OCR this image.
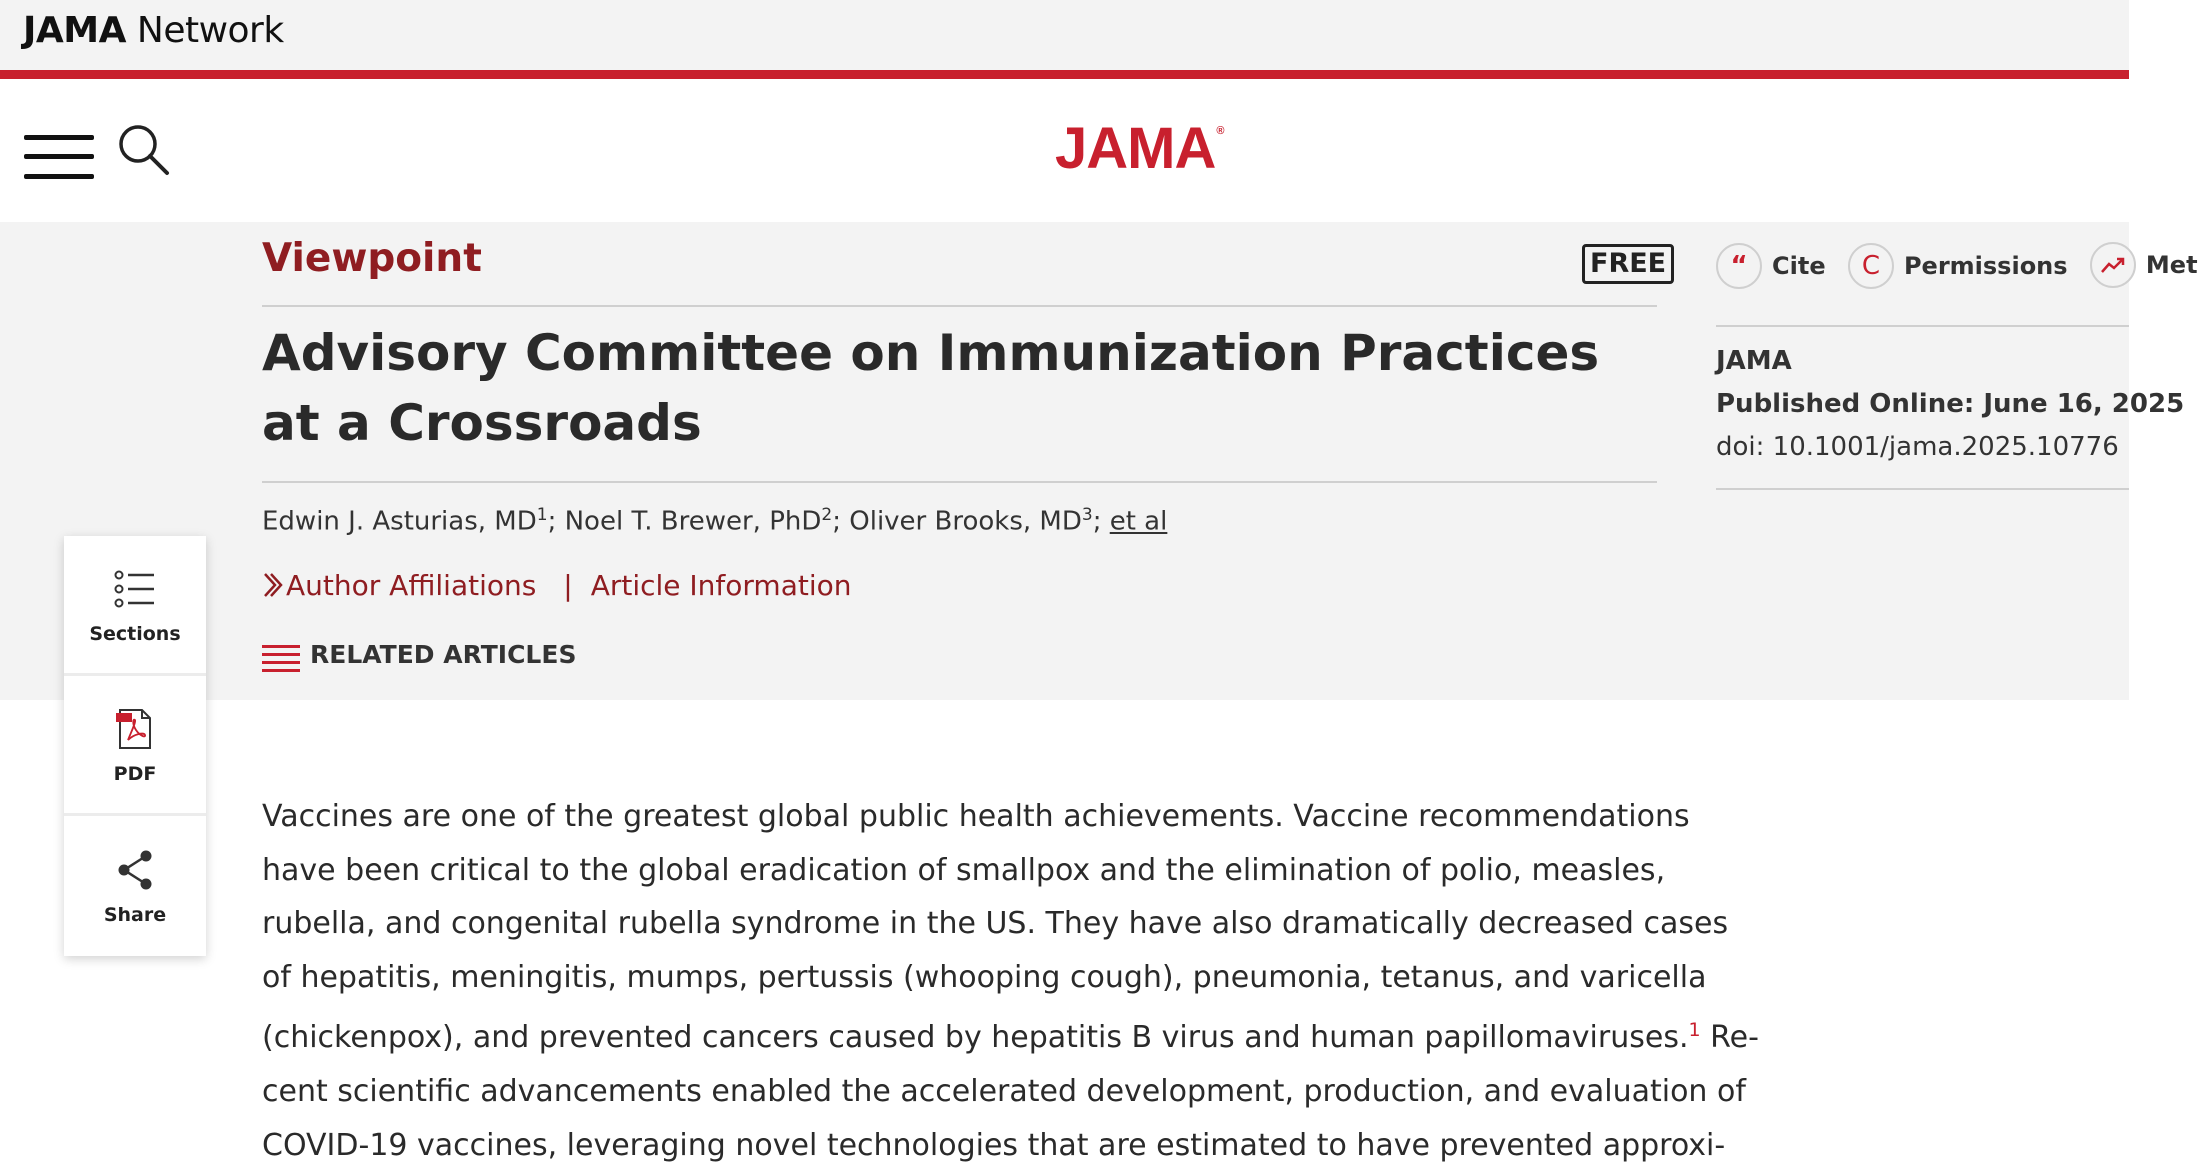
JAMA Network
JAMA®
Viewpoint	FREE
Advisory Committee on Immunization Practices at a Crossroads
Edwin J. Asturias, $MD^1$; Noel T. Brewer, PhD$^2$; Oliver Brooks, $MD^3$; et al
Author Affiliations | Article Information
RELATED ARTICLES
“	Cite
	C Permissions
	Met
JAMA
Published Online: June 16, 2025
doi: 10.1001/jama.2025.10776
Sections
PDF
Share

Vaccines are one of the greatest global public health achievements. Vaccine recommendations

have been critical to the global eradication of smallpox and the elimination of polio, measles,

rubella, and congenital rubella syndrome in the US. They have also dramatically decreased cases

of hepatitis, meningitis, mumps, pertussis (whooping cough), pneumonia, tetanus, and varicella

(chickenpox), and prevented cancers caused by hepatitis B virus and human papillomaviruses.$^1$ Re-

cent scientific advancements enabled the accelerated development, production, and evaluation of

COVID-19 vaccines, leveraging novel technologies that are estimated to have prevented approxi-
